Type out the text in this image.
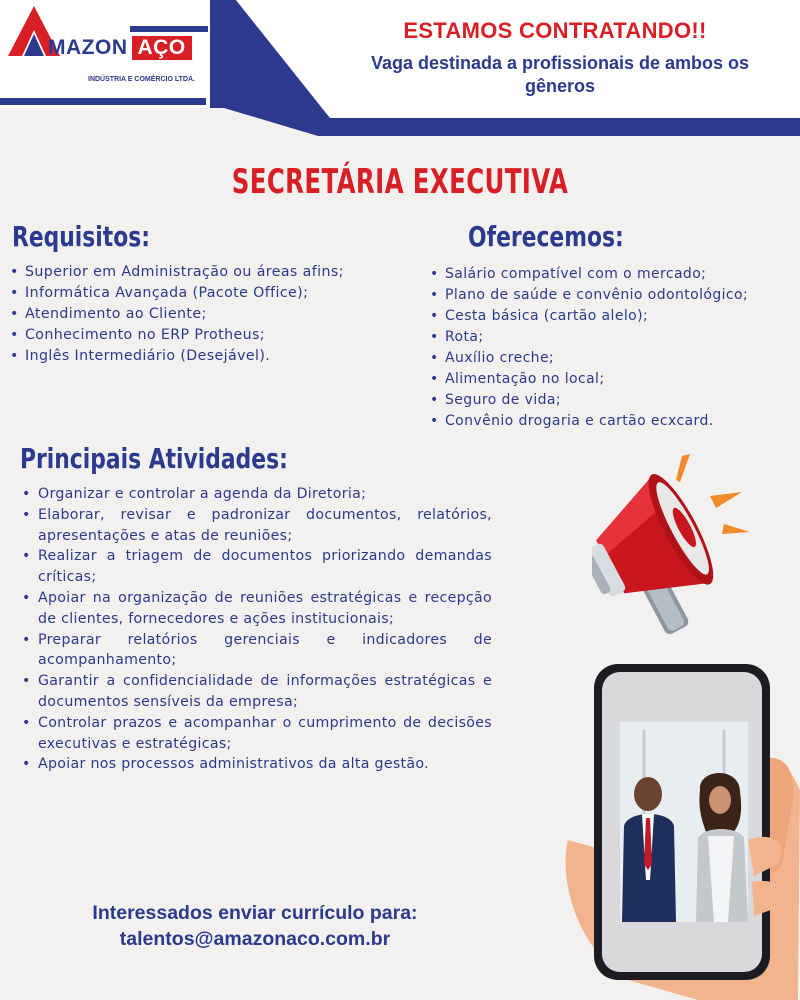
MAZON AÇO
INDÚSTRIA E COMÉRCIO LTDA.
ESTAMOS CONTRATANDO!!
Vaga destinada a profissionais de ambos os gêneros
SECRETÁRIA EXECUTIVA
Requisitos:
• Superior em Administração ou áreas afins;
• Informática Avançada (Pacote Office);
• Atendimento ao Cliente;
• Conhecimento no ERP Protheus;
• Inglês Intermediário (Desejável).
Oferecemos:
• Salário compatível com o mercado;
• Plano de saúde e convênio odontológico;
• Cesta básica (cartão alelo);
• Rota;
• Auxílio creche;
• Alimentação no local;
• Seguro de vida;
• Convênio drogaria e cartão ecxcard.
Principais Atividades:
• Organizar e controlar a agenda da Diretoria;
• Elaborar, revisar e padronizar documentos, relatórios, apresentações e atas de reuniões;
• Realizar a triagem de documentos priorizando demandas críticas;
• Apoiar na organização de reuniões estratégicas e recepção de clientes, fornecedores e ações institucionais;
• Preparar relatórios gerenciais e indicadores de acompanhamento;
• Garantir a confidencialidade de informações estratégicas e documentos sensíveis da empresa;
• Controlar prazos e acompanhar o cumprimento de decisões executivas e estratégicas;
• Apoiar nos processos administrativos da alta gestão.
Interessados enviar currículo para:
talentos@amazonaco.com.br
